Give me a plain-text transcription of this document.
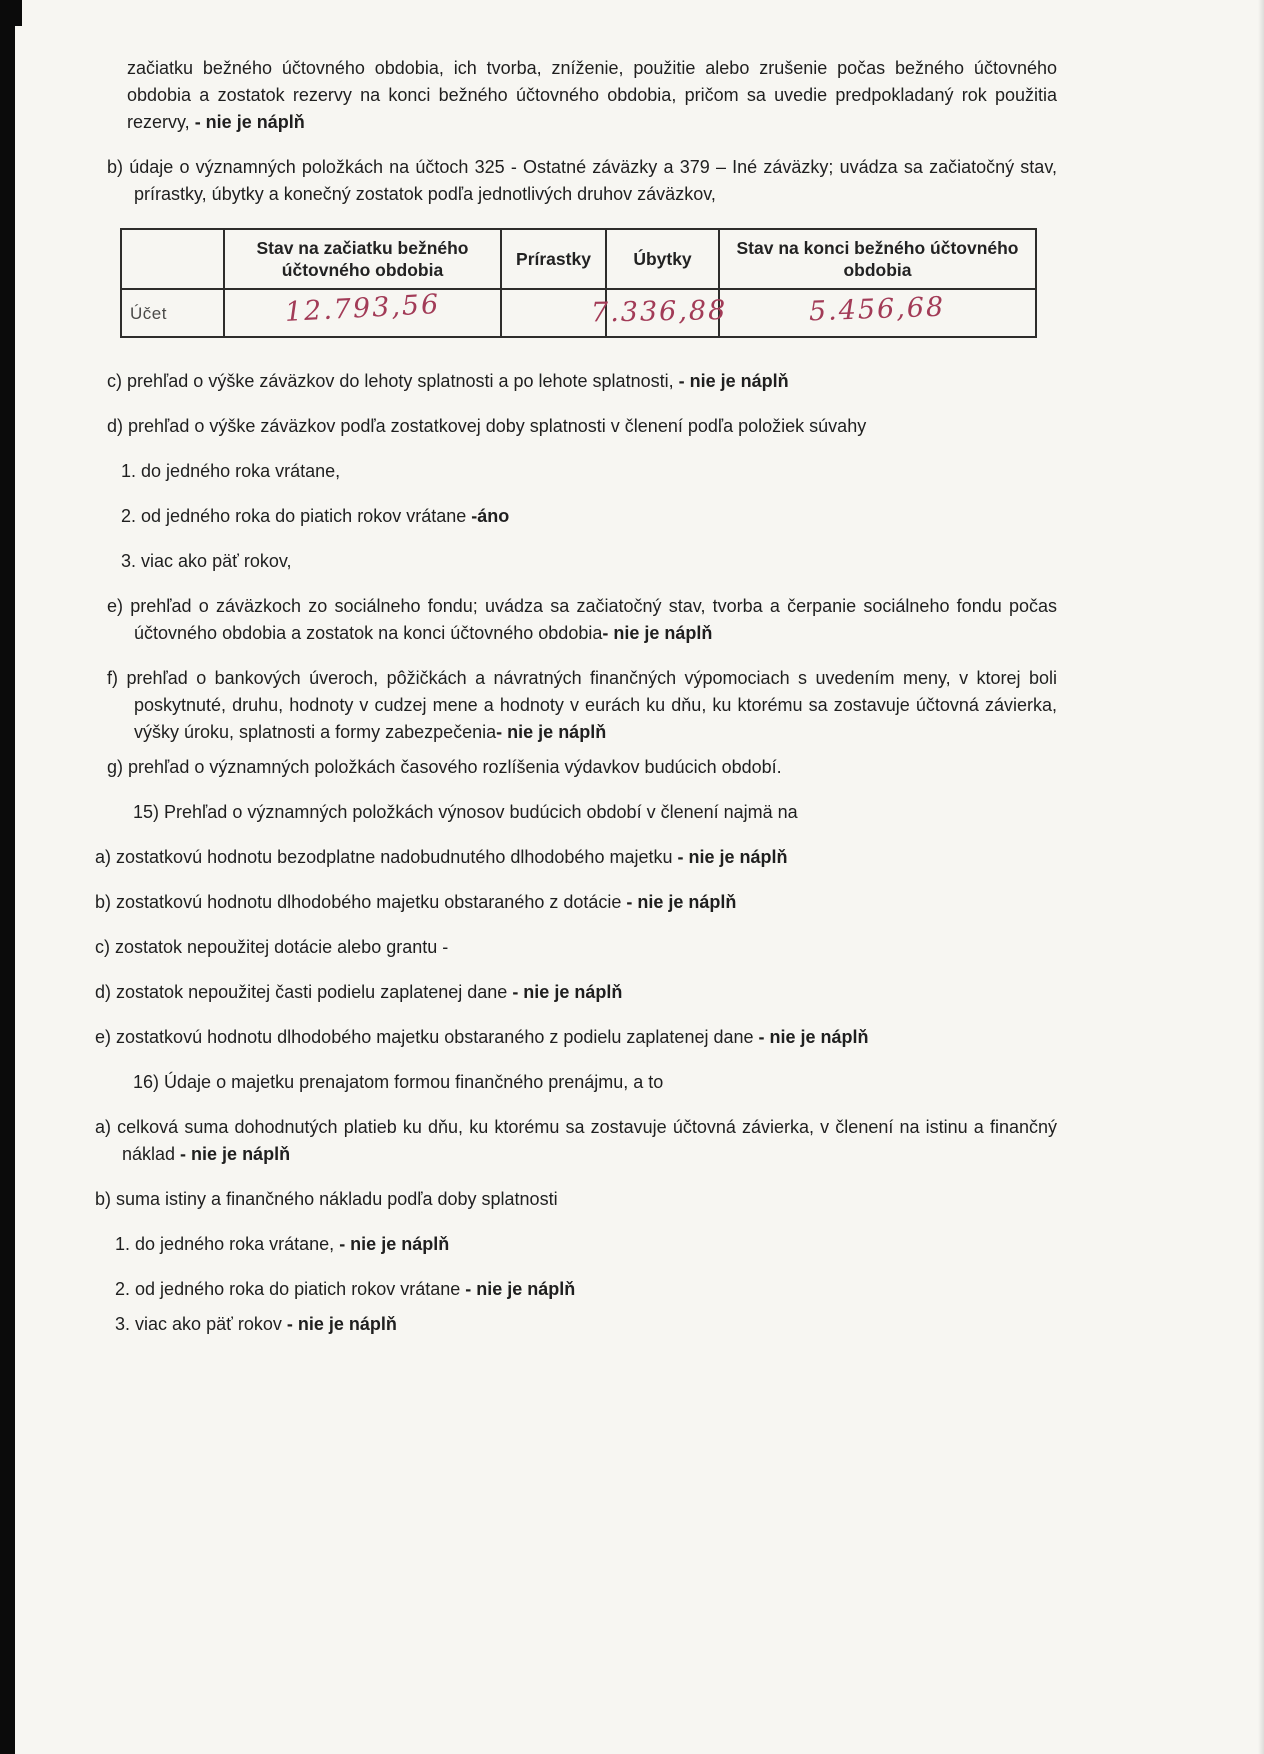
začiatku bežného účtovného obdobia, ich tvorba, zníženie, použitie alebo zrušenie počas bežného účtovného obdobia a zostatok rezervy na konci bežného účtovného obdobia, pričom sa uvedie predpokladaný rok použitia rezervy, - nie je náplň

b) údaje o významných položkách na účtoch 325 - Ostatné záväzky a 379 – Iné záväzky; uvádza sa začiatočný stav, prírastky, úbytky a konečný zostatok podľa jednotlivých druhov záväzkov,

	Stav na začiatku bežného účtovného obdobia	Prírastky	Úbytky	Stav na konci bežného účtovného obdobia
Účet	12.793,56		7.336,88	5.456,68

c) prehľad o výške záväzkov do lehoty splatnosti a po lehote splatnosti, - nie je náplň

d) prehľad o výške záväzkov podľa zostatkovej doby splatnosti v členení podľa položiek súvahy

1. do jedného roka vrátane,

2. od jedného roka do piatich rokov vrátane -áno

3. viac ako päť rokov,

e) prehľad o záväzkoch zo sociálneho fondu; uvádza sa začiatočný stav, tvorba a čerpanie sociálneho fondu počas účtovného obdobia a zostatok na konci účtovného obdobia- nie je náplň

f) prehľad o bankových úveroch, pôžičkách a návratných finančných výpomociach s uvedením meny, v ktorej boli poskytnuté, druhu, hodnoty v cudzej mene a hodnoty v eurách ku dňu, ku ktorému sa zostavuje účtovná závierka, výšky úroku, splatnosti a formy zabezpečenia- nie je náplň

g) prehľad o významných položkách časového rozlíšenia výdavkov budúcich období.

15) Prehľad o významných položkách výnosov budúcich období v členení najmä na

a) zostatkovú hodnotu bezodplatne nadobudnutého dlhodobého majetku - nie je náplň

b) zostatkovú hodnotu dlhodobého majetku obstaraného z dotácie - nie je náplň

c) zostatok nepoužitej dotácie alebo grantu -

d) zostatok nepoužitej časti podielu zaplatenej dane - nie je náplň

e) zostatkovú hodnotu dlhodobého majetku obstaraného z podielu zaplatenej dane - nie je náplň

16) Údaje o majetku prenajatom formou finančného prenájmu, a to

a) celková suma dohodnutých platieb ku dňu, ku ktorému sa zostavuje účtovná závierka, v členení na istinu a finančný náklad - nie je náplň

b) suma istiny a finančného nákladu podľa doby splatnosti

1. do jedného roka vrátane, - nie je náplň

2. od jedného roka do piatich rokov vrátane - nie je náplň

3. viac ako päť rokov - nie je náplň
